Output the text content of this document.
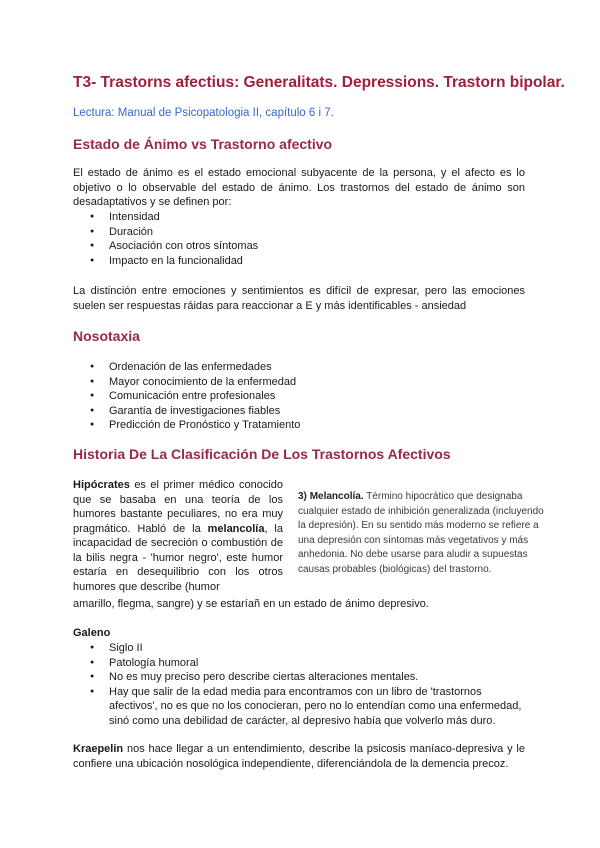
T3- Trastorns afectius: Generalitats. Depressions. Trastorn bipolar.
Lectura: Manual de Psicopatologia II, capítulo 6 i 7.
Estado de Ánimo vs Trastorno afectivo
El estado de ánimo es el estado emocional subyacente de la persona, y el afecto es lo objetivo o lo observable del estado de ánimo. Los trastornos del estado de ánimo son desadaptativos y se definen por:
● Intensidad
● Duración
● Asociación con otros síntomas
● Impacto en la funcionalidad
La distinción entre emociones y sentimientos es difícil de expresar, pero las emociones suelen ser respuestas ráidas para reaccionar a E y más identificables - ansiedad
Nosotaxia
● Ordenación de las enfermedades
● Mayor conocimiento de la enfermedad
● Comunicación entre profesionales
● Garantía de investigaciones fiables
● Predicción de Pronóstico y Tratamiento
Historia De La Clasificación De Los Trastornos Afectivos
Hipócrates es el primer médico conocido que se basaba en una teoría de los humores bastante peculiares, no era muy pragmático. Habló de la melancolía, la incapacidad de secreción o combustión de la bilis negra - 'humor negro', este humor estaría en desequilibrio con los otros humores que describe (humor
3) Melancolía. Término hipocrático que designaba cualquier estado de inhibición generalizada (incluyendo la depresión). En su sentido más moderno se refiere a una depresión con síntomas más vegetativos y más anhedonia. No debe usarse para aludir a supuestas causas probables (biológicas) del trastorno.
amarillo, flegma, sangre) y se estaríañ en un estado de ánimo depresivo.
Galeno
● Siglo II
● Patología humoral
● No es muy preciso pero describe ciertas alteraciones mentales.
● Hay que salir de la edad media para encontramos con un libro de 'trastornos afectivos', no es que no los conocieran, pero no lo entendían como una enfermedad, sinó como una debilidad de carácter, al depresivo había que volverlo más duro.
Kraepelin nos hace llegar a un entendimiento, describe la psicosis maníaco-depresiva y le confiere una ubicación nosológica independiente, diferenciándola de la demencia precoz.
